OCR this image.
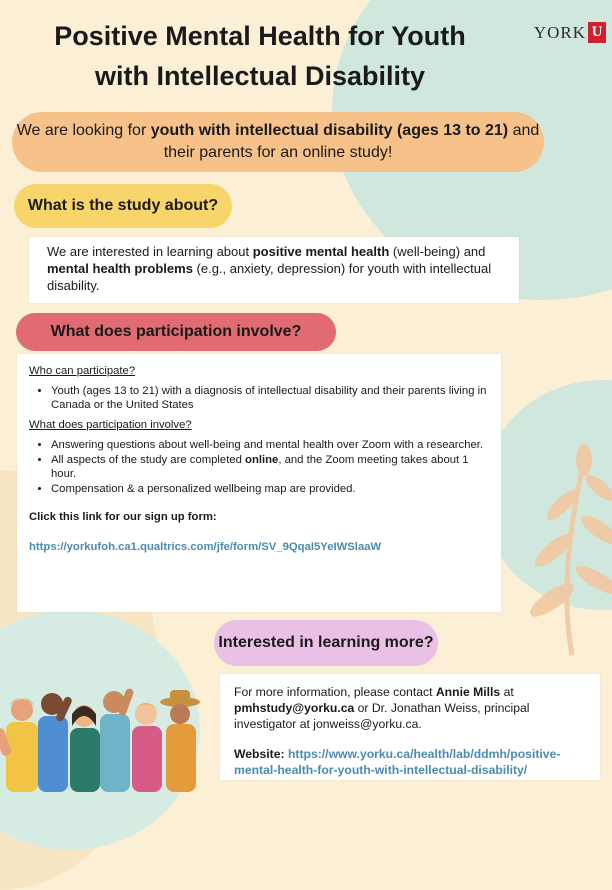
Positive Mental Health for Youth
with Intellectual Disability
YORK U
We are looking for youth with intellectual disability (ages 13 to 21) and their parents for an online study!
What is the study about?
We are interested in learning about positive mental health (well-being) and mental health problems (e.g., anxiety, depression) for youth with intellectual disability.
What does participation involve?
Who can participate?
• Youth (ages 13 to 21) with a diagnosis of intellectual disability and their parents living in Canada or the United States
What does participation involve?
• Answering questions about well-being and mental health over Zoom with a researcher.
• All aspects of the study are completed online, and the Zoom meeting takes about 1 hour.
• Compensation & a personalized wellbeing map are provided.
Click this link for our sign up form:
https://yorkufoh.ca1.qualtrics.com/jfe/form/SV_9QqaI5YeIWSlaaW
Interested in learning more?
For more information, please contact Annie Mills at pmhstudy@yorku.ca or Dr. Jonathan Weiss, principal investigator at jonweiss@yorku.ca.
Website: https://www.yorku.ca/health/lab/ddmh/positive-mental-health-for-youth-with-intellectual-disability/
